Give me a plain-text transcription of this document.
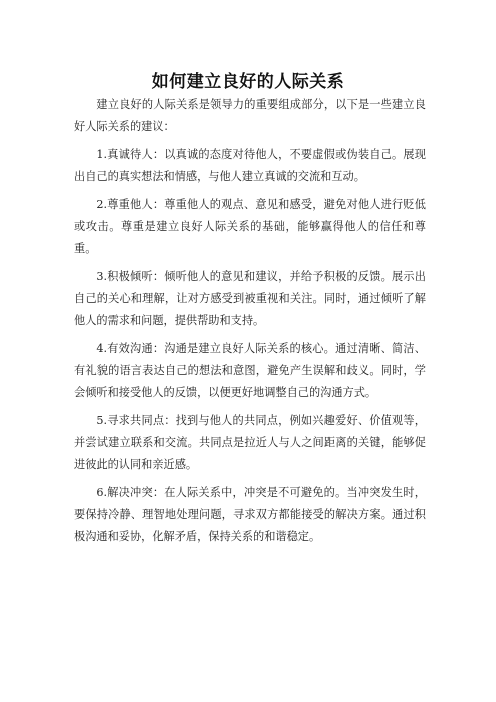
如何建立良好的人际关系

建立良好的人际关系是领导力的重要组成部分，以下是一些建立良好人际关系的建议：

1.真诚待人：以真诚的态度对待他人，不要虚假或伪装自己。展现出自己的真实想法和情感，与他人建立真诚的交流和互动。

2.尊重他人：尊重他人的观点、意见和感受，避免对他人进行贬低或攻击。尊重是建立良好人际关系的基础，能够赢得他人的信任和尊重。

3.积极倾听：倾听他人的意见和建议，并给予积极的反馈。展示出自己的关心和理解，让对方感受到被重视和关注。同时，通过倾听了解他人的需求和问题，提供帮助和支持。

4.有效沟通：沟通是建立良好人际关系的核心。通过清晰、简洁、有礼貌的语言表达自己的想法和意图，避免产生误解和歧义。同时，学会倾听和接受他人的反馈，以便更好地调整自己的沟通方式。

5.寻求共同点：找到与他人的共同点，例如兴趣爱好、价值观等，并尝试建立联系和交流。共同点是拉近人与人之间距离的关键，能够促进彼此的认同和亲近感。

6.解决冲突：在人际关系中，冲突是不可避免的。当冲突发生时，要保持冷静、理智地处理问题，寻求双方都能接受的解决方案。通过积极沟通和妥协，化解矛盾，保持关系的和谐稳定。
